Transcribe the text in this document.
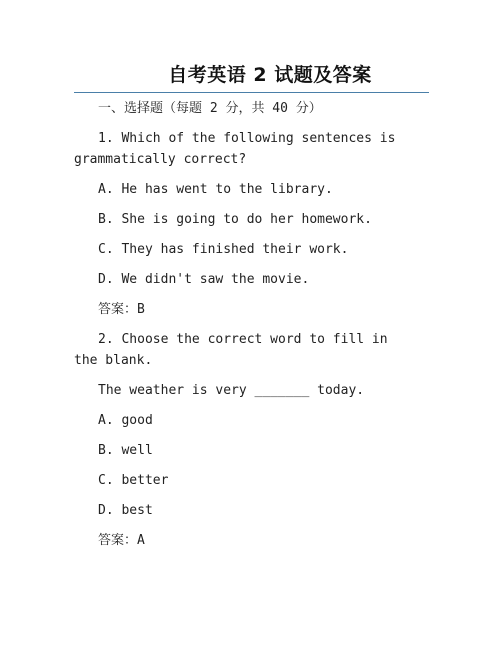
自考英语 2 试题及答案

一、选择题（每题 2 分，共 40 分）

1. Which of the following sentences is grammatically correct?

A. He has went to the library.

B. She is going to do her homework.

C. They has finished their work.

D. We didn't saw the movie.

答案：B

2. Choose the correct word to fill in the blank.

The weather is very _______ today.

A. good

B. well

C. better

D. best

答案：A
